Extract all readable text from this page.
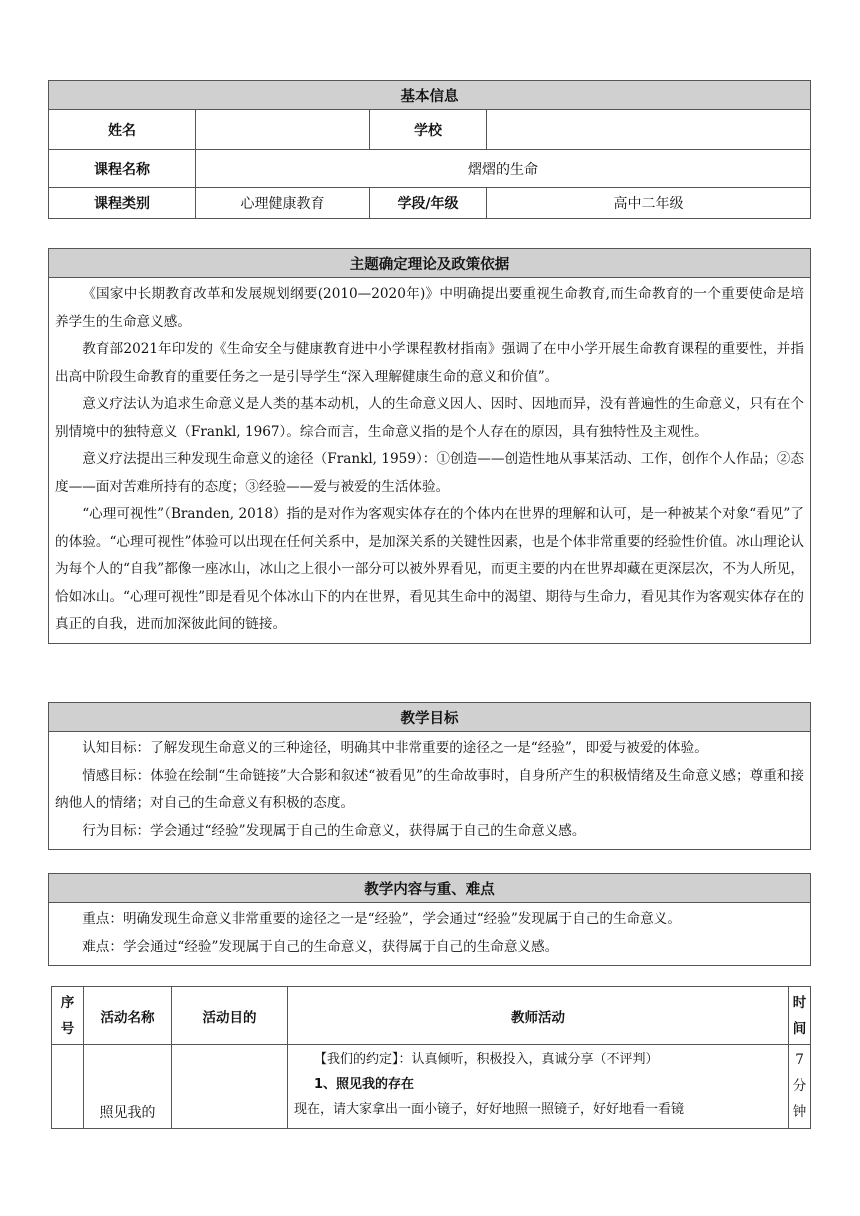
基本信息			
姓名		学校	
课程名称	熠熠的生命		
课程类别	心理健康教育	学段/年级	高中二年级
主题确定理论及政策依据

《国家中长期教育改革和发展规划纲要(2010—2020年)》中明确提出要重视生命教育,而生命教育的一个重要使命是培养学生的生命意义感。

教育部2021年印发的《生命安全与健康教育进中小学课程教材指南》强调了在中小学开展生命教育课程的重要性，并指出高中阶段生命教育的重要任务之一是引导学生“深入理解健康生命的意义和价值”。

意义疗法认为追求生命意义是人类的基本动机，人的生命意义因人、因时、因地而异，没有普遍性的生命意义，只有在个别情境中的独特意义（Frankl, 1967）。综合而言，生命意义指的是个人存在的原因，具有独特性及主观性。

意义疗法提出三种发现生命意义的途径（Frankl, 1959）：①创造——创造性地从事某活动、工作，创作个人作品；②态度——面对苦难所持有的态度；③经验——爱与被爱的生活体验。

“心理可视性”（Branden, 2018）指的是对作为客观实体存在的个体内在世界的理解和认可，是一种被某个对象“看见”了的体验。“心理可视性”体验可以出现在任何关系中，是加深关系的关键性因素，也是个体非常重要的经验性价值。冰山理论认为每个人的“自我”都像一座冰山，冰山之上很小一部分可以被外界看见，而更主要的内在世界却藏在更深层次，不为人所见，恰如冰山。“心理可视性”即是看见个体冰山下的内在世界，看见其生命中的渴望、期待与生命力，看见其作为客观实体存在的真正的自我，进而加深彼此间的链接。

教学目标

认知目标：了解发现生命意义的三种途径，明确其中非常重要的途径之一是“经验”，即爱与被爱的体验。

情感目标：体验在绘制“生命链接”大合影和叙述“被看见”的生命故事时，自身所产生的积极情绪及生命意义感；尊重和接纳他人的情绪；对自己的生命意义有积极的态度。

行为目标：学会通过“经验”发现属于自己的生命意义，获得属于自己的生命意义感。

教学内容与重、难点

重点：明确发现生命意义非常重要的途径之一是“经验”，学会通过“经验”发现属于自己的生命意义。

难点：学会通过“经验”发现属于自己的生命意义，获得属于自己的生命意义感。

序号	活动名称	活动目的	教师活动	时间
	照见我的		【我们的约定】：认真倾听，积极投入，真诚分享（不评判）
1、照见我的存在
现在，请大家拿出一面小镜子，好好地照一照镜子，好好地看一看镜	7分钟
